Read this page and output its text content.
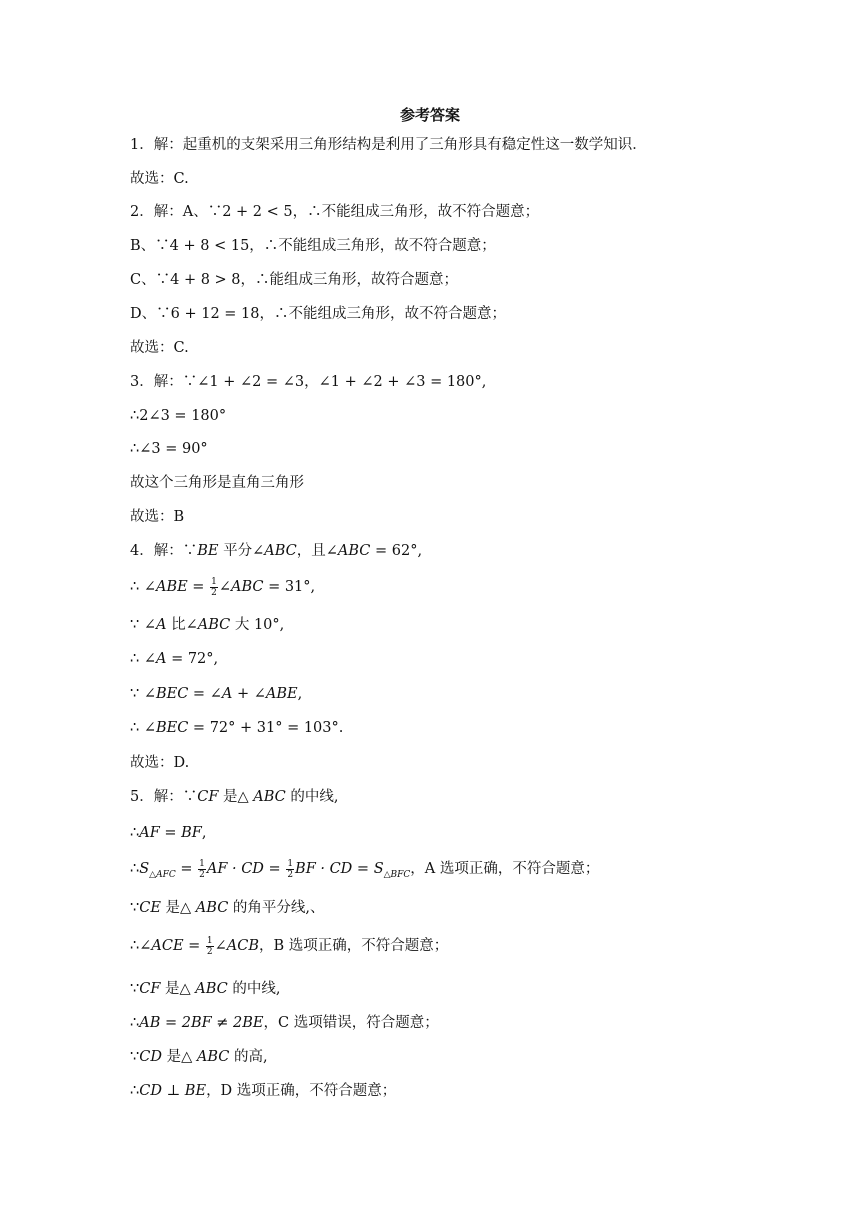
参考答案
1．解：起重机的支架采用三角形结构是利用了三角形具有稳定性这一数学知识．
故选：C.
2．解：A、∵2 + 2 < 5，∴不能组成三角形，故不符合题意；
B、∵4 + 8 < 15，∴不能组成三角形，故不符合题意；
C、∵4 + 8 > 8，∴能组成三角形，故符合题意；
D、∵6 + 12 = 18，∴不能组成三角形，故不符合题意；
故选：C.
3．解：∵∠1 + ∠2 = ∠3，∠1 + ∠2 + ∠3 = 180°,
∴2∠3 = 180°
∴∠3 = 90°
故这个三角形是直角三角形
故选：B
4．解：∵BE 平分∠ABC，且∠ABC = 62°,
∴ ∠ABE = $\frac{1}{2}$ ∠ABC = 31°,
∵ ∠A 比∠ABC 大 10°,
∴ ∠A = 72°,
∵ ∠BEC = ∠A + ∠ABE,
∴ ∠BEC = 72° + 31° = 103°.
故选：D.
5．解：∵CF 是△ ABC 的中线,
∴AF = BF,
$\therefore S_{\triangle AFC} = \frac{1}{2}$ AF · CD = $\frac{1}{2}$ BF · CD = $S_{\triangle BFC}$，A 选项正确，不符合题意；
∵CE 是△ ABC 的角平分线,、
∴∠ACE = $\frac{1}{2}$ ∠ACB，B 选项正确，不符合题意；
∵CF 是△ ABC 的中线,
∴AB = 2BF ≠ 2BE，C 选项错误，符合题意；
∵CD 是△ ABC 的高,
∴CD ⊥ BE，D 选项正确，不符合题意；
